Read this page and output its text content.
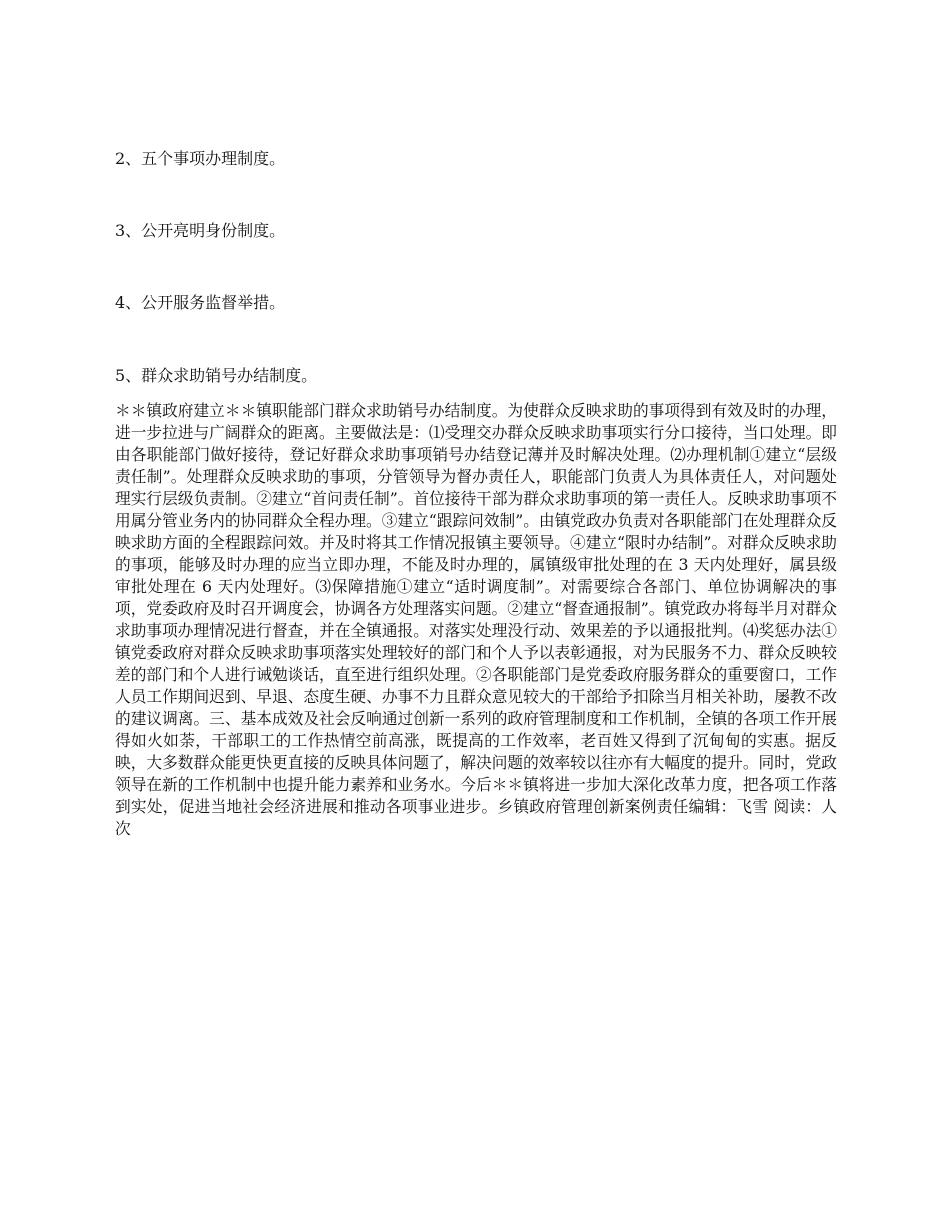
2、五个事项办理制度。

3、公开亮明身份制度。

4、公开服务监督举措。

5、群众求助销号办结制度。

＊＊镇政府建立＊＊镇职能部门群众求助销号办结制度。为使群众反映求助的事项得到有效及时的办理，进一步拉进与广阔群众的距离。主要做法是：⑴受理交办群众反映求助事项实行分口接待，当口处理。即由各职能部门做好接待，登记好群众求助事项销号办结登记薄并及时解决处理。⑵办理机制①建立“层级责任制”。处理群众反映求助的事项，分管领导为督办责任人，职能部门负责人为具体责任人，对问题处理实行层级负责制。②建立“首问责任制”。首位接待干部为群众求助事项的第一责任人。反映求助事项不用属分管业务内的协同群众全程办理。③建立“跟踪问效制”。由镇党政办负责对各职能部门在处理群众反映求助方面的全程跟踪问效。并及时将其工作情况报镇主要领导。④建立“限时办结制”。对群众反映求助的事项，能够及时办理的应当立即办理，不能及时办理的，属镇级审批处理的在 3 天内处理好，属县级审批处理在 6 天内处理好。⑶保障措施①建立“适时调度制”。对需要综合各部门、单位协调解决的事项，党委政府及时召开调度会，协调各方处理落实问题。②建立“督查通报制”。镇党政办将每半月对群众求助事项办理情况进行督查，并在全镇通报。对落实处理没行动、效果差的予以通报批判。⑷奖惩办法①镇党委政府对群众反映求助事项落实处理较好的部门和个人予以表彰通报，对为民服务不力、群众反映较差的部门和个人进行诫勉谈话，直至进行组织处理。②各职能部门是党委政府服务群众的重要窗口，工作人员工作期间迟到、早退、态度生硬、办事不力且群众意见较大的干部给予扣除当月相关补助，屡教不改的建议调离。三、基本成效及社会反响通过创新一系列的政府管理制度和工作机制，全镇的各项工作开展得如火如荼，干部职工的工作热情空前高涨，既提高的工作效率，老百姓又得到了沉甸甸的实惠。据反映，大多数群众能更快更直接的反映具体问题了，解决问题的效率较以往亦有大幅度的提升。同时，党政领导在新的工作机制中也提升能力素养和业务水。今后＊＊镇将进一步加大深化改革力度，把各项工作落到实处，促进当地社会经济进展和推动各项事业进步。乡镇政府管理创新案例责任编辑：飞雪 阅读：人次
